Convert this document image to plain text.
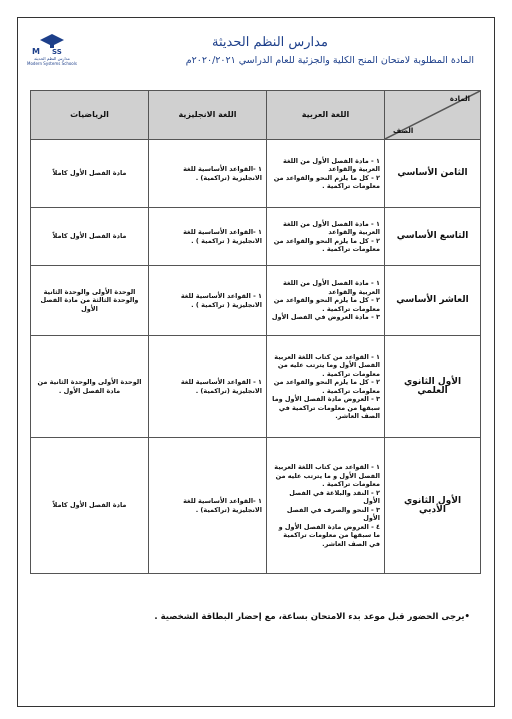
M SS
مدارس النظم الحديثة
Modern Systems Schools
مدارس النظم الحديثة
المادة المطلوبة لامتحان المنح الكلية والجزئية للعام الدراسي ٢٠٢٠/٢٠٢١م
المادة
الصف	اللغة العربية	اللغة الانجليزية	الرياضيات
الثامن الأساسي	١ - مادة الفصل الأول من اللغة العربية والقواعد
٢ - كل ما يلزم النحو والقواعد من معلومات تراكمية .	١ -القواعد الأساسية للغة الانجليزية (تراكمية) .	مادة الفصل الأول كاملاً
التاسع الأساسي	١ - مادة الفصل الأول من اللغة العربية والقواعد
٢ - كل ما يلزم النحو والقواعد من معلومات تراكمية .	١ -القواعد الأساسية للغة الانجليزية ( تراكمية ) .	مادة الفصل الأول كاملاً
العاشر الأساسي	١ - مادة الفصل الأول من اللغة العربية والقواعد
٢ - كل ما يلزم النحو والقواعد من معلومات تراكمية .
٣ - مادة العروض في الفصل الأول	١ - القواعد الأساسية للغة الانجليزية ( تراكمية ) .	الوحدة الأولى والوحدة الثانية والوحدة الثالثة من مادة الفصل الأول
الأول الثانوي العلمي	١ - القواعد من كتاب اللغة العربية الفصل الأول وما يترتب عليه من معلومات تراكمية .
٢ - كل ما يلزم النحو والقواعد من معلومات تراكمية .
٣ - العروض مادة الفصل الأول وما سبقها من معلومات تراكمية في الصف العاشر.	١ - القواعد الأساسية للغة الانجليزية (تراكمية) .	الوحدة الأولى والوحدة الثانية من مادة الفصل الأول .
الأول الثانوي الأدبي	١ - القواعد من كتاب اللغة العربية الفصل الأول و ما يترتب عليه من معلومات تراكمية .
٢ - النقد والبلاغة في الفصل الأول
٣ - النحو والصرف في الفصل الأول
٤ - العروض مادة الفصل الأول و ما سبقها من معلومات تراكمية في الصف العاشر.	١ -القواعد الأساسية للغة الانجليزية (تراكمية) .	مادة الفصل الأول كاملاً
•يرجى الحضور قبل موعد بدء الامتحان بساعة، مع إحضار البطاقة الشخصية .
